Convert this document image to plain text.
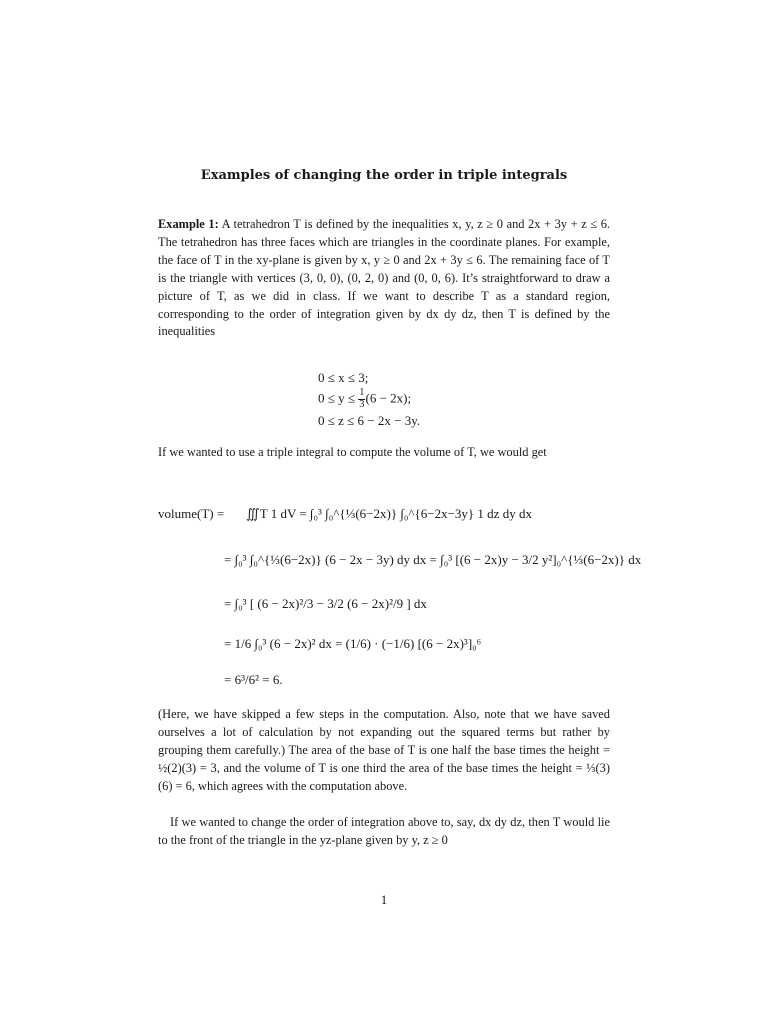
Examples of changing the order in triple integrals
Example 1: A tetrahedron T is defined by the inequalities x, y, z ≥ 0 and 2x + 3y + z ≤ 6. The tetrahedron has three faces which are triangles in the coordinate planes. For example, the face of T in the xy-plane is given by x, y ≥ 0 and 2x + 3y ≤ 6. The remaining face of T is the triangle with vertices (3, 0, 0), (0, 2, 0) and (0, 0, 6). It’s straightforward to draw a picture of T, as we did in class. If we want to describe T as a standard region, corresponding to the order of integration given by dx dy dz, then T is defined by the inequalities
0 ≤ x ≤ 3;
$0 \le y \le \frac{1}{3} (6 - 2x)$;
0 ≤ z ≤ 6 − 2x − 3y.
If we wanted to use a triple integral to compute the volume of T, we would get
volume(T) = ∭T 1 dV = ∫₀³ ∫₀^{⅓(6−2x)} ∫₀^{6−2x−3y} 1 dz dy dx
= ∫₀³ ∫₀^{⅓(6−2x)} (6 − 2x − 3y) dy dx = ∫₀³ [(6 − 2x)y − 3/2 y²]₀^{⅓(6−2x)} dx
= ∫₀³ [ (6 − 2x)²/3 − 3/2 (6 − 2x)²/9 ] dx
= 1/6 ∫₀³ (6 − 2x)² dx = (1/6) · (−1/6) [(6 − 2x)³]₀⁶
= 6³/6² = 6.
(Here, we have skipped a few steps in the computation. Also, note that we have saved ourselves a lot of calculation by not expanding out the squared terms but rather by grouping them carefully.) The area of the base of T is one half the base times the height = ½(2)(3) = 3, and the volume of T is one third the area of the base times the height = ⅓(3)(6) = 6, which agrees with the computation above.
If we wanted to change the order of integration above to, say, dx dy dz, then T would lie to the front of the triangle in the yz-plane given by y, z ≥ 0
1
